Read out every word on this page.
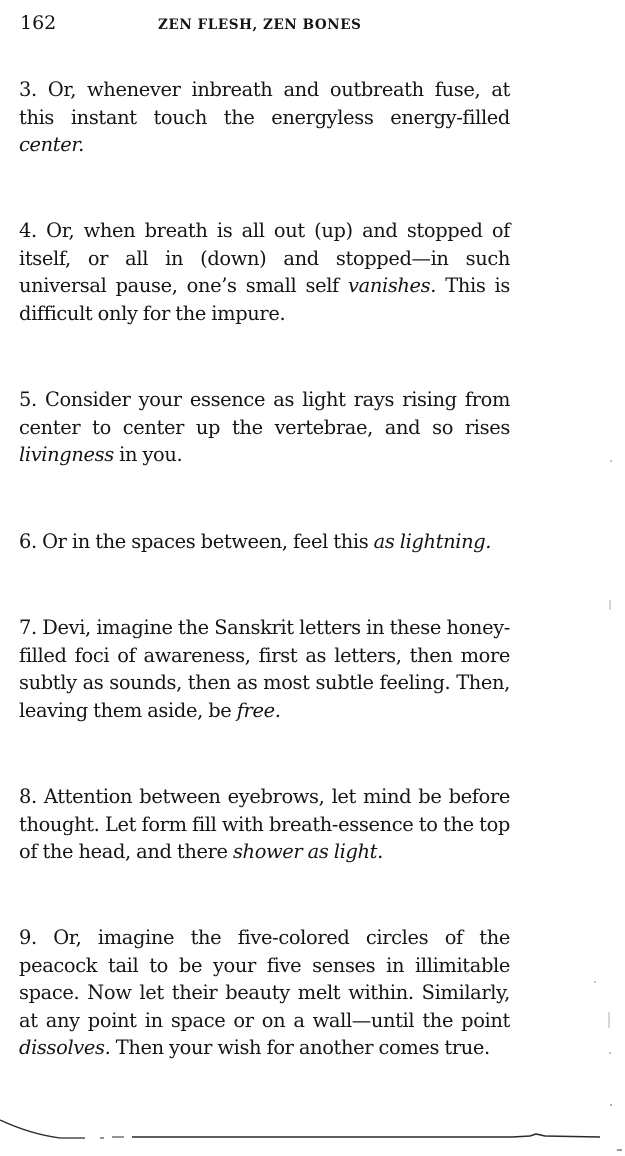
162	ZEN FLESH, ZEN BONES

3. Or, whenever inbreath and outbreath fuse, at this instant touch the energyless energy-filled center.

4. Or, when breath is all out (up) and stopped of itself, or all in (down) and stopped—in such universal pause, one’s small self vanishes. This is difficult only for the impure.

5. Consider your essence as light rays rising from center to center up the vertebrae, and so rises livingness in you.

6. Or in the spaces between, feel this as lightning.

7. Devi, imagine the Sanskrit letters in these honey-filled foci of awareness, first as letters, then more subtly as sounds, then as most subtle feeling. Then, leaving them aside, be free.

8. Attention between eyebrows, let mind be before thought. Let form fill with breath-essence to the top of the head, and there shower as light.

9. Or, imagine the five-colored circles of the peacock tail to be your five senses in illimitable space. Now let their beauty melt within. Similarly, at any point in space or on a wall—until the point dissolves. Then your wish for another comes true.
